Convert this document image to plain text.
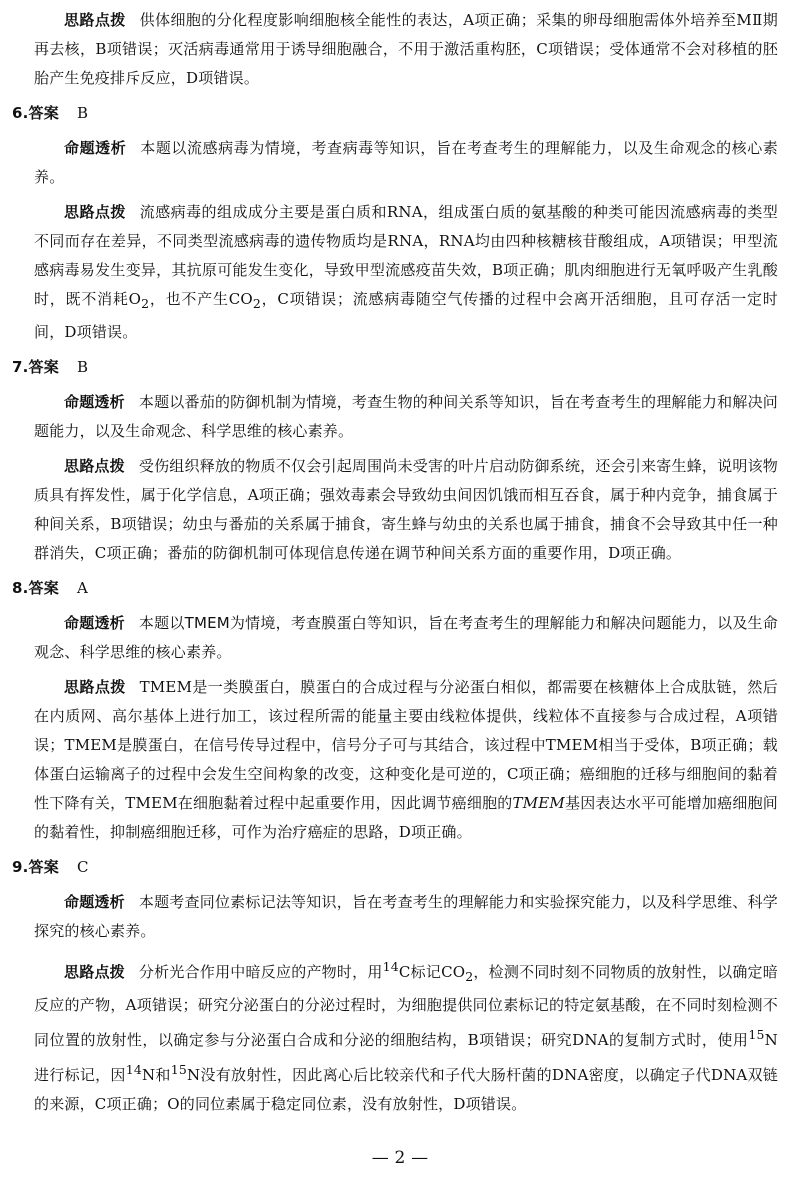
思路点拨 供体细胞的分化程度影响细胞核全能性的表达，A项正确；采集的卵母细胞需体外培养至MⅡ期再去核，B项错误；灭活病毒通常用于诱导细胞融合，不用于激活重构胚，C项错误；受体通常不会对移植的胚胎产生免疫排斥反应，D项错误。

6.答案 B

命题透析 本题以流感病毒为情境，考查病毒等知识，旨在考查考生的理解能力，以及生命观念的核心素养。

思路点拨 流感病毒的组成成分主要是蛋白质和RNA，组成蛋白质的氨基酸的种类可能因流感病毒的类型不同而存在差异，不同类型流感病毒的遗传物质均是RNA，RNA均由四种核糖核苷酸组成，A项错误；甲型流感病毒易发生变异，其抗原可能发生变化，导致甲型流感疫苗失效，B项正确；肌肉细胞进行无氧呼吸产生乳酸时，既不消耗$O_2$，也不产生$CO_2$，C项错误；流感病毒随空气传播的过程中会离开活细胞，且可存活一定时间，D项错误。

7.答案 B

命题透析 本题以番茄的防御机制为情境，考查生物的种间关系等知识，旨在考查考生的理解能力和解决问题能力，以及生命观念、科学思维的核心素养。

思路点拨 受伤组织释放的物质不仅会引起周围尚未受害的叶片启动防御系统，还会引来寄生蜂，说明该物质具有挥发性，属于化学信息，A项正确；强效毒素会导致幼虫间因饥饿而相互吞食，属于种内竞争，捕食属于种间关系，B项错误；幼虫与番茄的关系属于捕食，寄生蜂与幼虫的关系也属于捕食，捕食不会导致其中任一种群消失，C项正确；番茄的防御机制可体现信息传递在调节种间关系方面的重要作用，D项正确。

8.答案 A

命题透析 本题以TMEM为情境，考查膜蛋白等知识，旨在考查考生的理解能力和解决问题能力，以及生命观念、科学思维的核心素养。

思路点拨 TMEM是一类膜蛋白，膜蛋白的合成过程与分泌蛋白相似，都需要在核糖体上合成肽链，然后在内质网、高尔基体上进行加工，该过程所需的能量主要由线粒体提供，线粒体不直接参与合成过程，A项错误；TMEM是膜蛋白，在信号传导过程中，信号分子可与其结合，该过程中TMEM相当于受体，B项正确；载体蛋白运输离子的过程中会发生空间构象的改变，这种变化是可逆的，C项正确；癌细胞的迁移与细胞间的黏着性下降有关，TMEM在细胞黏着过程中起重要作用，因此调节癌细胞的TMEM基因表达水平可能增加癌细胞间的黏着性，抑制癌细胞迁移，可作为治疗癌症的思路，D项正确。

9.答案 C

命题透析 本题考查同位素标记法等知识，旨在考查考生的理解能力和实验探究能力，以及科学思维、科学探究的核心素养。

思路点拨 分析光合作用中暗反应的产物时，用$^{14}$C标记$CO_2$，检测不同时刻不同物质的放射性，以确定暗反应的产物，A项错误；研究分泌蛋白的分泌过程时，为细胞提供同位素标记的特定氨基酸，在不同时刻检测不同位置的放射性，以确定参与分泌蛋白合成和分泌的细胞结构，B项错误；研究DNA的复制方式时，使用$^{15}$N进行标记，因$^{14}$N和$^{15}$N没有放射性，因此离心后比较亲代和子代大肠杆菌的DNA密度，以确定子代DNA双链的来源，C项正确；O的同位素属于稳定同位素，没有放射性，D项错误。

— 2 —
